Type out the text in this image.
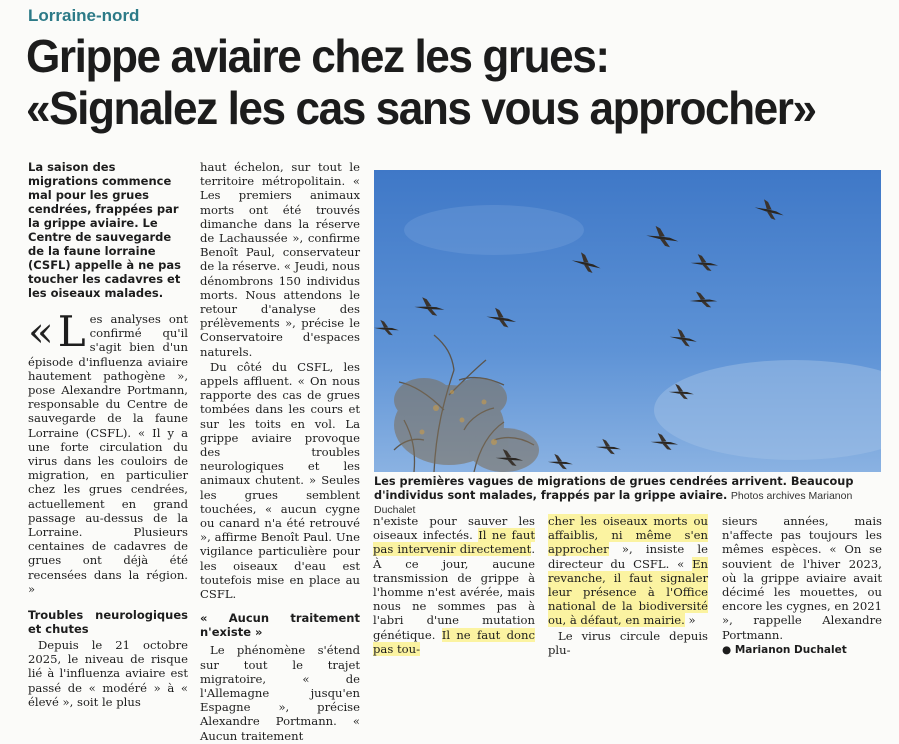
Lorraine-nord
Grippe aviaire chez les grues:
«Signalez les cas sans vous approcher»
La saison des migrations commence mal pour les grues cendrées, frappées par la grippe aviaire. Le Centre de sauvegarde de la faune lorraine (CSFL) appelle à ne pas toucher les cadavres et les oiseaux malades.

« L es analyses ont confirmé qu'il s'agit bien d'un épisode d'influenza aviaire hautement pathogène », pose Alexandre Portmann, responsable du Centre de sauvegarde de la faune Lorraine (CSFL). « Il y a une forte circulation du virus dans les couloirs de migration, en particulier chez les grues cendrées, actuellement en grand passage au-dessus de la Lorraine. Plusieurs centaines de cadavres de grues ont déjà été recensées dans la région. »

Troubles neurologiques et chutes

Depuis le 21 octobre 2025, le niveau de risque lié à l'influenza aviaire est passé de « modéré » à « élevé », soit le plus

haut échelon, sur tout le territoire métropolitain. « Les premiers animaux morts ont été trouvés dimanche dans la réserve de Lachaussée », confirme Benoît Paul, conservateur de la réserve. « Jeudi, nous dénombrons 150 individus morts. Nous attendons le retour d'analyse des prélèvements », précise le Conservatoire d'espaces naturels.

Du côté du CSFL, les appels affluent. « On nous rapporte des cas de grues tombées dans les cours et sur les toits en vol. La grippe aviaire provoque des troubles neurologiques et les animaux chutent. » Seules les grues semblent touchées, « aucun cygne ou canard n'a été retrouvé », affirme Benoît Paul. Une vigilance particulière pour les oiseaux d'eau est toutefois mise en place au CSFL.

« Aucun traitement n'existe »

Le phénomène s'étend sur tout le trajet migratoire, « de l'Allemagne jusqu'en Espagne », précise Alexandre Portmann. « Aucun traitement

Les premières vagues de migrations de grues cendrées arrivent. Beaucoup d'individus sont malades, frappés par la grippe aviaire. Photos archives Marianon Duchalet

n'existe pour sauver les oiseaux infectés. Il ne faut pas intervenir directement. À ce jour, aucune transmission de grippe à l'homme n'est avérée, mais nous ne sommes pas à l'abri d'une mutation génétique. Il ne faut donc pas tou-

cher les oiseaux morts ou affaiblis, ni même s'en approcher », insiste le directeur du CSFL. « En revanche, il faut signaler leur présence à l'Office national de la biodiversité ou, à défaut, en mairie. »

Le virus circule depuis plu-

sieurs années, mais n'affecte pas toujours les mêmes espèces. « On se souvient de l'hiver 2023, où la grippe aviaire avait décimé les mouettes, ou encore les cygnes, en 2021 », rappelle Alexandre Portmann.

● Marianon Duchalet
